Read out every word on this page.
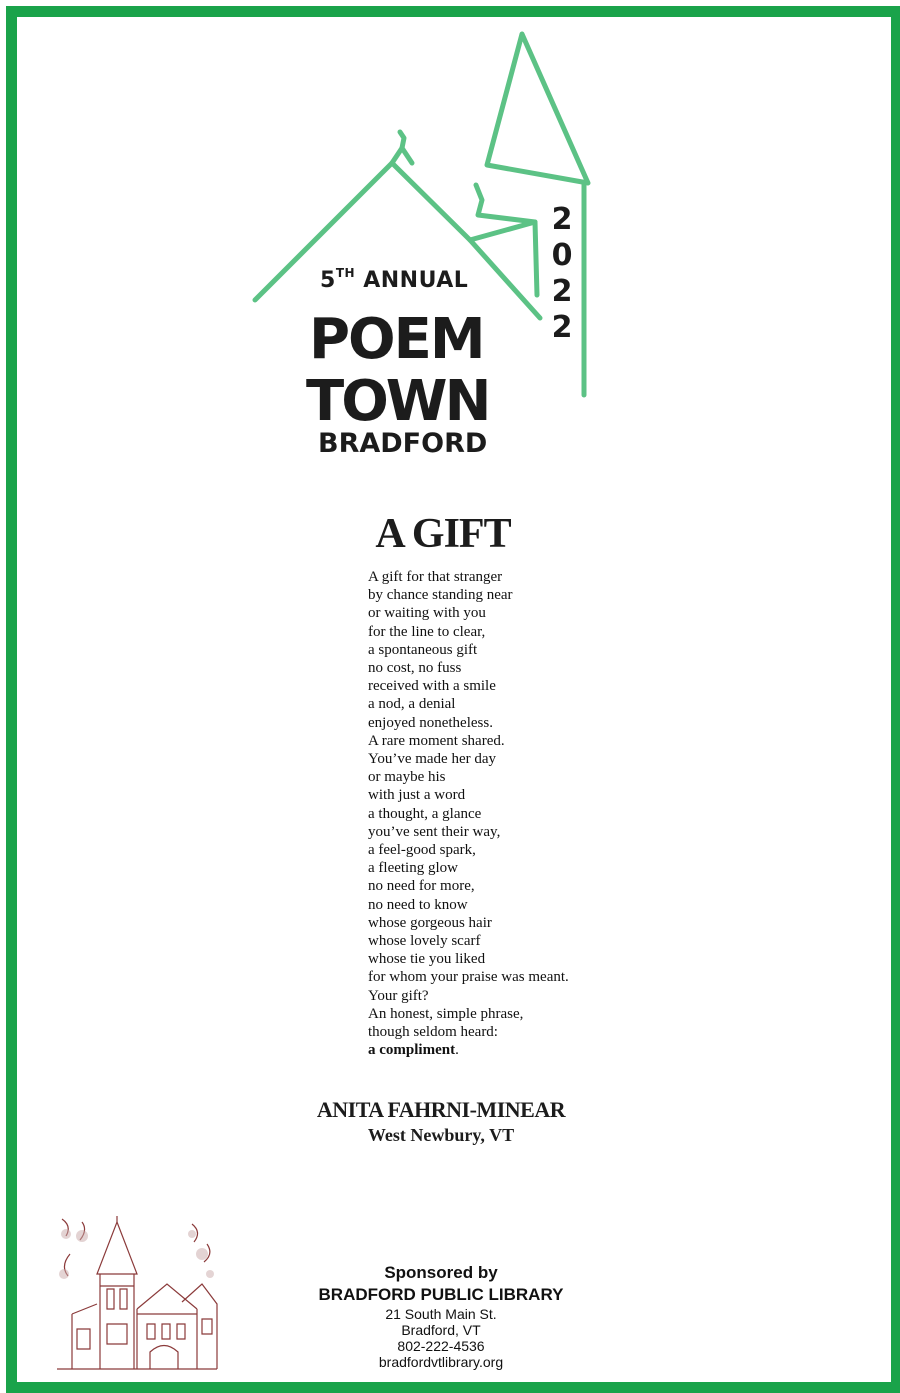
5TH ANNUAL
POEM
TOWN
BRADFORD
2
0
2
2
A GIFT
A gift for that stranger
by chance standing near
or waiting with you
for the line to clear,
a spontaneous gift
no cost, no fuss
received with a smile
a nod, a denial
enjoyed nonetheless.
A rare moment shared.
You’ve made her day
or maybe his
with just a word
a thought, a glance
you’ve sent their way,
a feel-good spark,
a fleeting glow
no need for more,
no need to know
whose gorgeous hair
whose lovely scarf
whose tie you liked
for whom your praise was meant.
Your gift?
An honest, simple phrase,
though seldom heard:
a compliment.
ANITA FAHRNI-MINEAR
West Newbury, VT
Sponsored by
BRADFORD PUBLIC LIBRARY
21 South Main St.
Bradford, VT
802-222-4536
bradfordvtlibrary.org
